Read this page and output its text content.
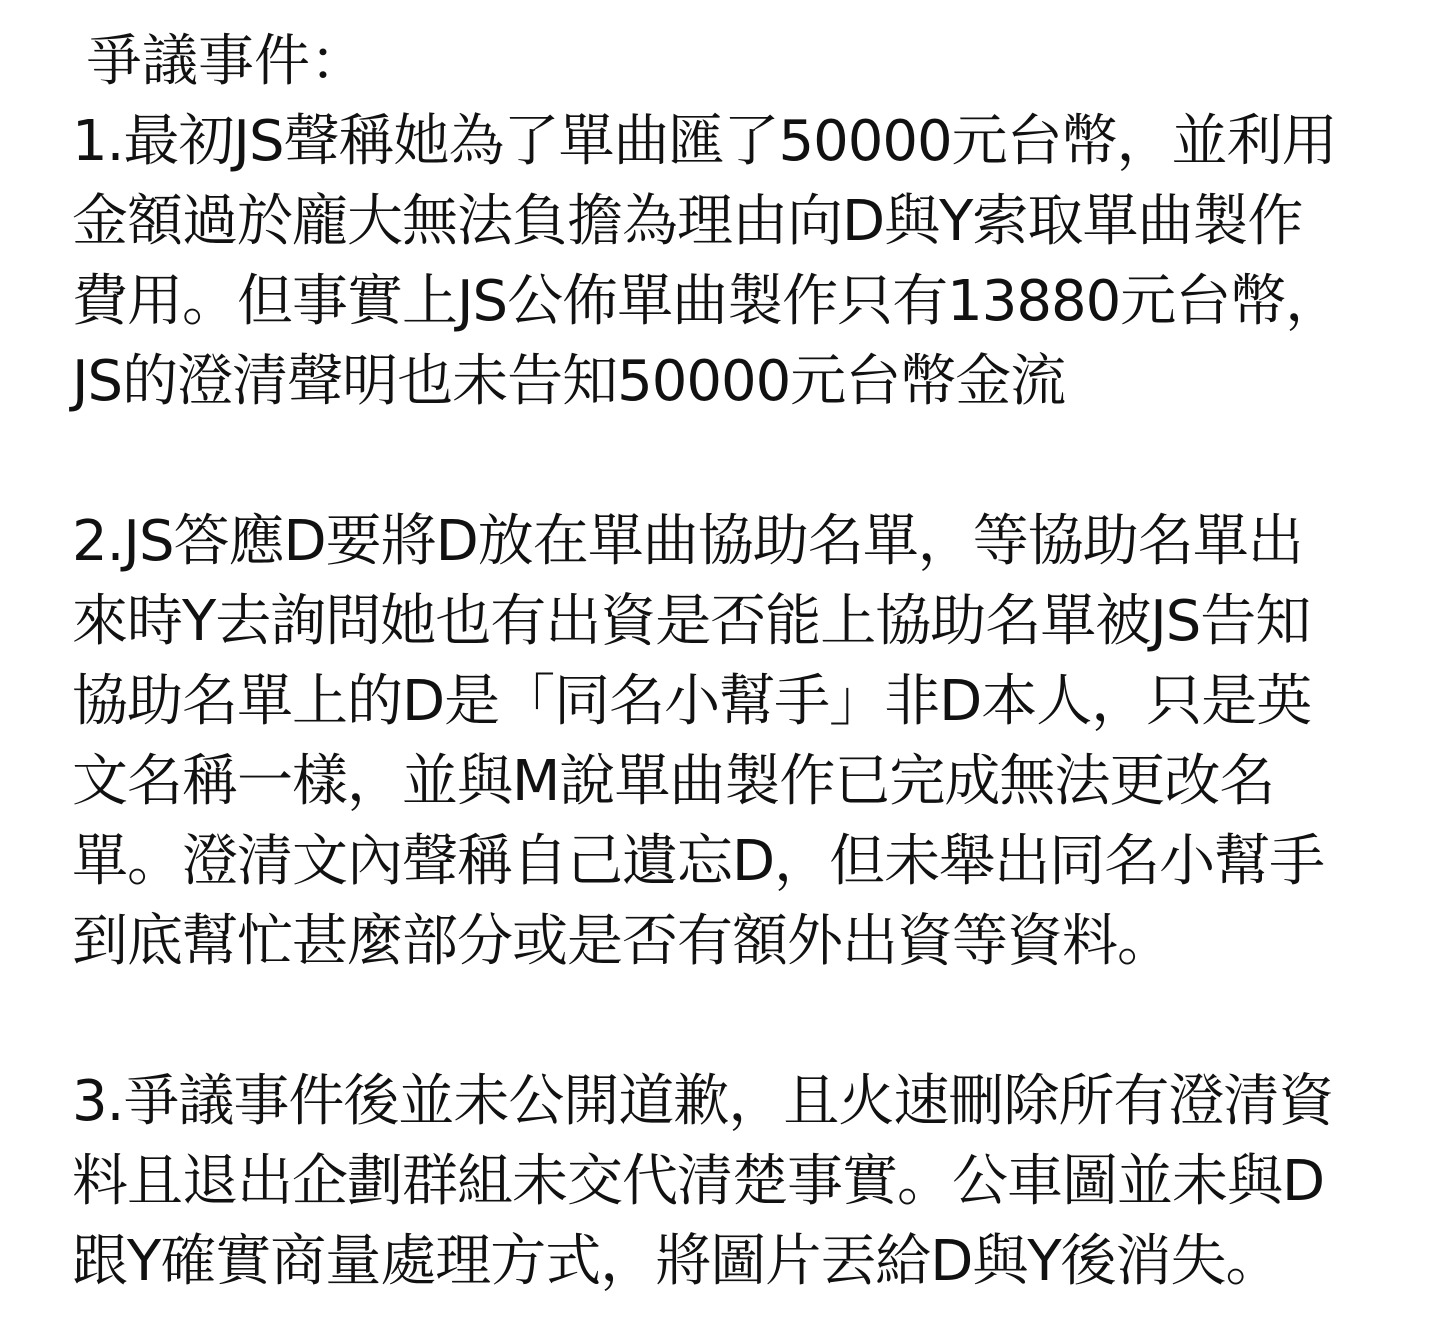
爭議事件：
1.最初JS聲稱她為了單曲匯了50000元台幣，並利用
金額過於龐大無法負擔為理由向D與Y索取單曲製作
費用。但事實上JS公佈單曲製作只有13880元台幣，
JS的澄清聲明也未告知50000元台幣金流
2.JS答應D要將D放在單曲協助名單，等協助名單出
來時Y去詢問她也有出資是否能上協助名單被JS告知
協助名單上的D是「同名小幫手」非D本人，只是英
文名稱一樣，並與M說單曲製作已完成無法更改名
單。澄清文內聲稱自己遺忘D，但未舉出同名小幫手
到底幫忙甚麼部分或是否有額外出資等資料。
3.爭議事件後並未公開道歉，且火速刪除所有澄清資
料且退出企劃群組未交代清楚事實。公車圖並未與D
跟Y確實商量處理方式，將圖片丟給D與Y後消失。
